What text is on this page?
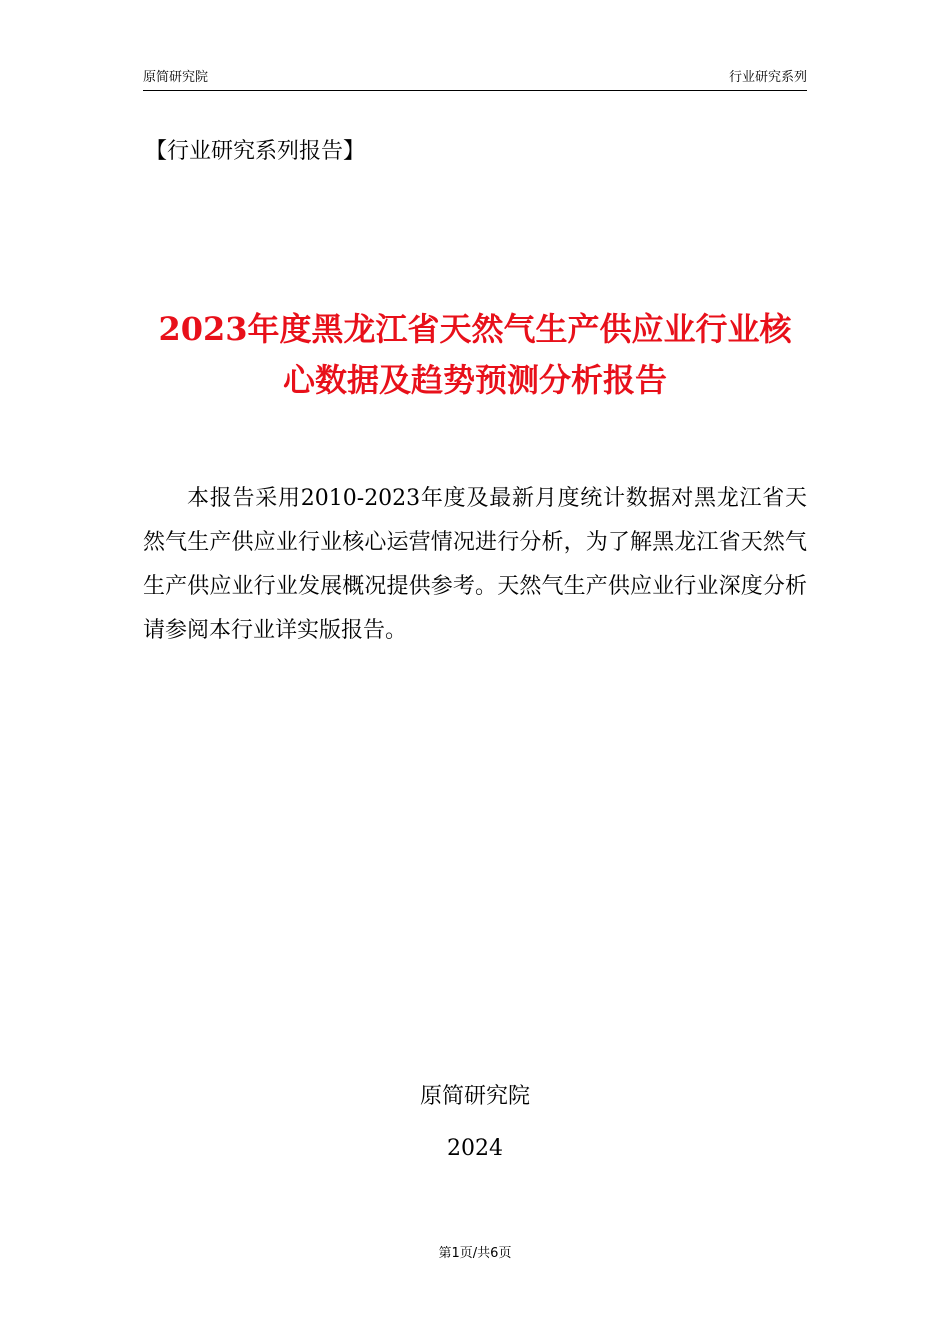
原简研究院	行业研究系列
【行业研究系列报告】
2023年度黑龙江省天然气生产供应业行业核心数据及趋势预测分析报告

本报告采用2010-2023年度及最新月度统计数据对黑龙江省天然气生产供应业行业核心运营情况进行分析，为了解黑龙江省天然气生产供应业行业发展概况提供参考。天然气生产供应业行业深度分析请参阅本行业详实版报告。

原简研究院
2024
第1页/共6页
